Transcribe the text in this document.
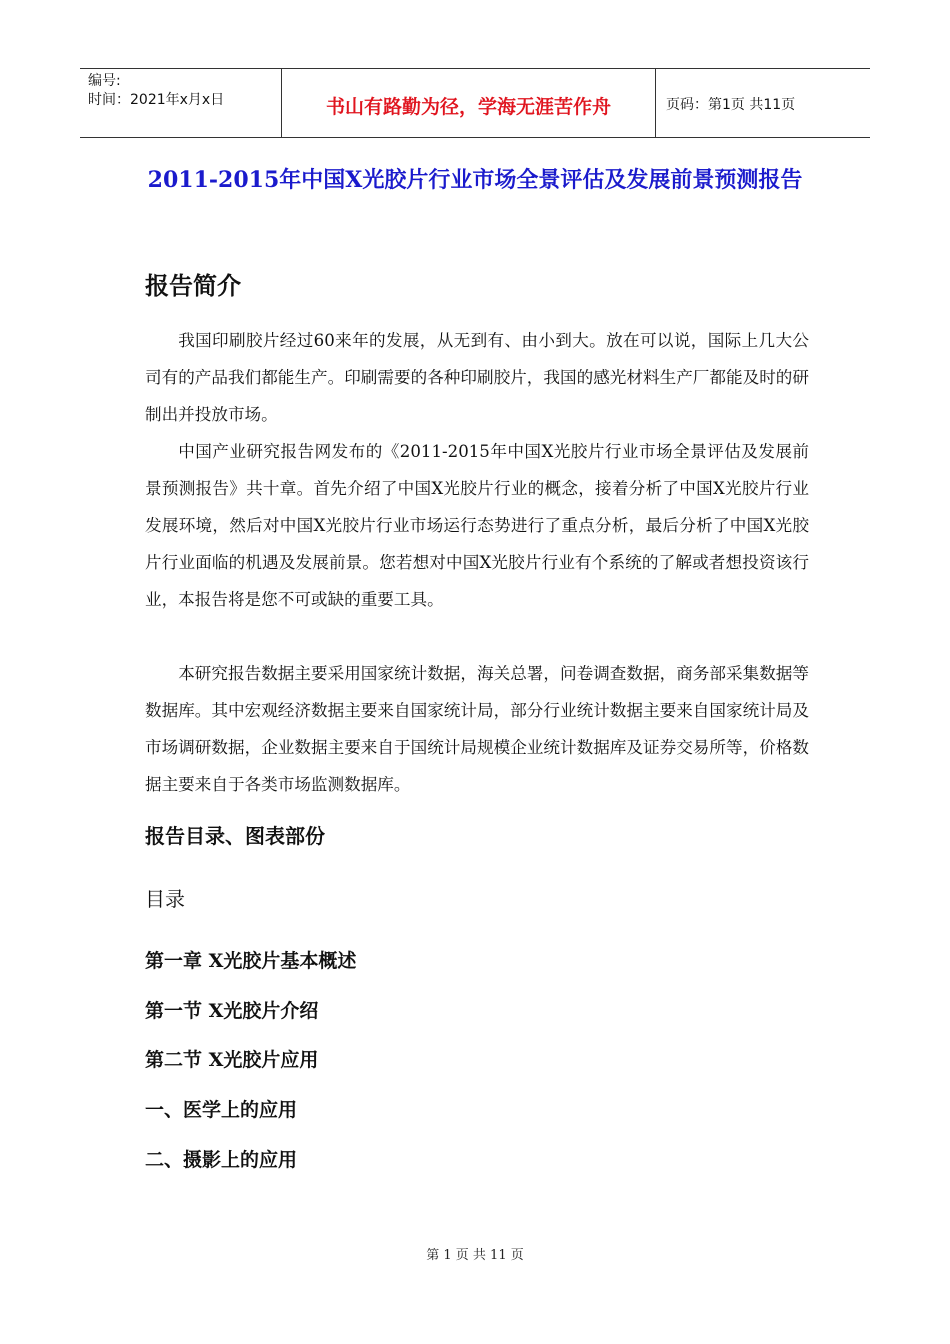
编号:
时间：2021年x月x日	书山有路勤为径，学海无涯苦作舟	页码：第1页 共11页
2011-2015年中国X光胶片行业市场全景评估及发展前景预测报告
报告简介

我国印刷胶片经过60来年的发展，从无到有、由小到大。放在可以说，国际上几大公司有的产品我们都能生产。印刷需要的各种印刷胶片，我国的感光材料生产厂都能及时的研制出并投放市场。

中国产业研究报告网发布的《2011-2015年中国X光胶片行业市场全景评估及发展前景预测报告》共十章。首先介绍了中国X光胶片行业的概念，接着分析了中国X光胶片行业发展环境，然后对中国X光胶片行业市场运行态势进行了重点分析，最后分析了中国X光胶片行业面临的机遇及发展前景。您若想对中国X光胶片行业有个系统的了解或者想投资该行业，本报告将是您不可或缺的重要工具。

本研究报告数据主要采用国家统计数据，海关总署，问卷调查数据，商务部采集数据等数据库。其中宏观经济数据主要来自国家统计局，部分行业统计数据主要来自国家统计局及市场调研数据，企业数据主要来自于国统计局规模企业统计数据库及证券交易所等，价格数据主要来自于各类市场监测数据库。

报告目录、图表部份
目录

第一章 X光胶片基本概述

第一节 X光胶片介绍

第二节 X光胶片应用

一、医学上的应用

二、摄影上的应用

第 1 页 共 11 页
